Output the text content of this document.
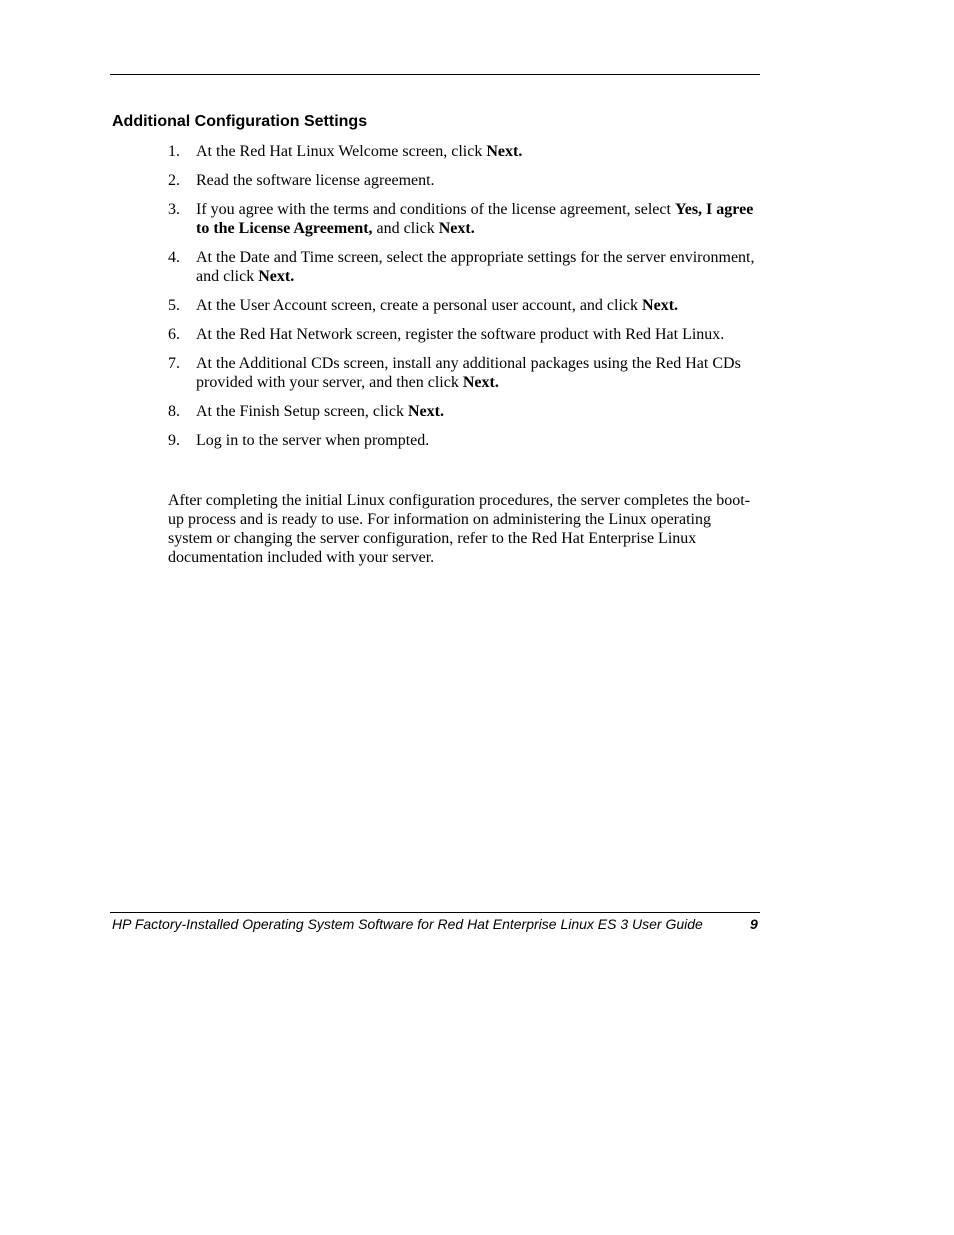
Additional Configuration Settings
1. At the Red Hat Linux Welcome screen, click Next.
2. Read the software license agreement.
3. If you agree with the terms and conditions of the license agreement, select Yes, I agree to the License Agreement, and click Next.
4. At the Date and Time screen, select the appropriate settings for the server environment, and click Next.
5. At the User Account screen, create a personal user account, and click Next.
6. At the Red Hat Network screen, register the software product with Red Hat Linux.
7. At the Additional CDs screen, install any additional packages using the Red Hat CDs provided with your server, and then click Next.
8. At the Finish Setup screen, click Next.
9. Log in to the server when prompted.

After completing the initial Linux configuration procedures, the server completes the boot-up process and is ready to use. For information on administering the Linux operating system or changing the server configuration, refer to the Red Hat Enterprise Linux documentation included with your server.

HP Factory-Installed Operating System Software for Red Hat Enterprise Linux ES 3 User Guide	9
